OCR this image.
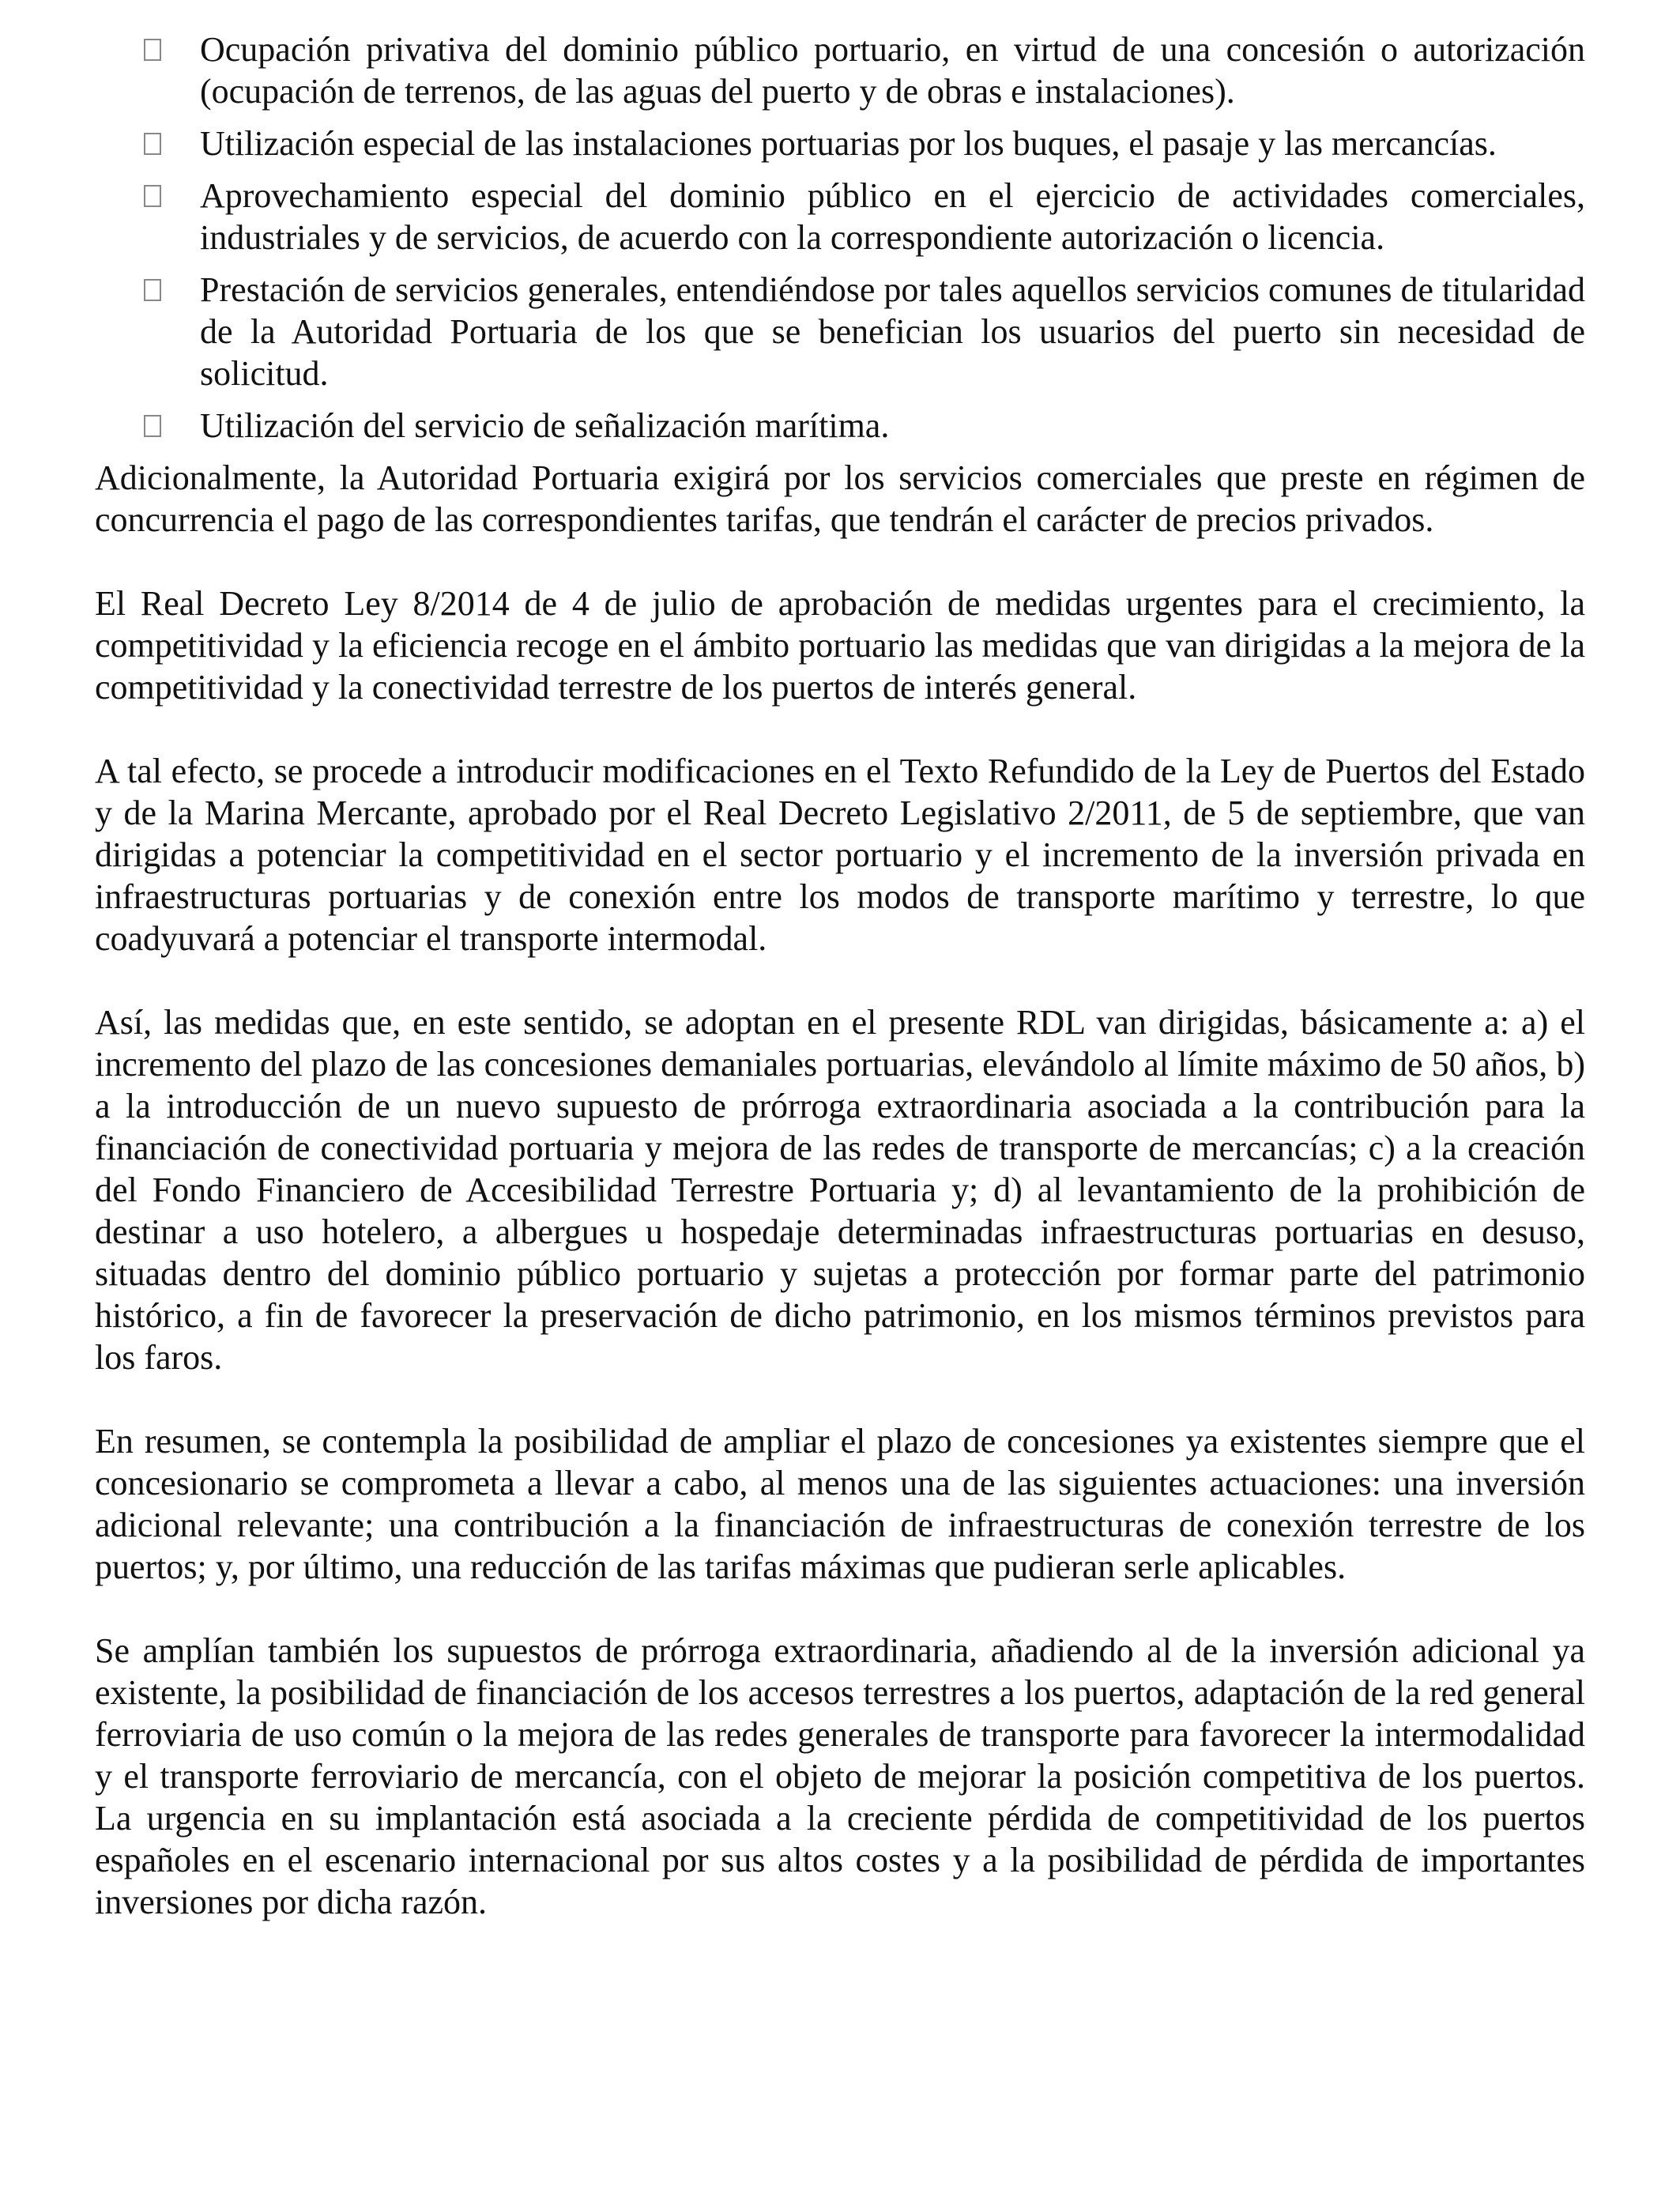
Ocupación privativa del dominio público portuario, en virtud de una concesión o autorización (ocupación de terrenos, de las aguas del puerto y de obras e instalaciones).
Utilización especial de las instalaciones portuarias por los buques, el pasaje y las mercancías.
Aprovechamiento especial del dominio público en el ejercicio de actividades comerciales, industriales y de servicios, de acuerdo con la correspondiente autorización o licencia.
Prestación de servicios generales, entendiéndose por tales aquellos servicios comunes de titularidad de la Autoridad Portuaria de los que se benefician los usuarios del puerto sin necesidad de solicitud.
Utilización del servicio de señalización marítima.

Adicionalmente, la Autoridad Portuaria exigirá por los servicios comerciales que preste en régimen de concurrencia el pago de las correspondientes tarifas, que tendrán el carácter de precios privados.

El Real Decreto Ley 8/2014 de 4 de julio de aprobación de medidas urgentes para el crecimiento, la competitividad y la eficiencia recoge en el ámbito portuario las medidas que van dirigidas a la mejora de la competitividad y la conectividad terrestre de los puertos de interés general.

A tal efecto, se procede a introducir modificaciones en el Texto Refundido de la Ley de Puertos del Estado y de la Marina Mercante, aprobado por el Real Decreto Legislativo 2/2011, de 5 de septiembre, que van dirigidas a potenciar la competitividad en el sector portuario y el incremento de la inversión privada en infraestructuras portuarias y de conexión entre los modos de transporte marítimo y terrestre, lo que coadyuvará a potenciar el transporte intermodal.

Así, las medidas que, en este sentido, se adoptan en el presente RDL van dirigidas, básicamente a: a) el incremento del plazo de las concesiones demaniales portuarias, elevándolo al límite máximo de 50 años, b) a la introducción de un nuevo supuesto de prórroga extraordinaria asociada a la contribución para la financiación de conectividad portuaria y mejora de las redes de transporte de mercancías; c) a la creación del Fondo Financiero de Accesibilidad Terrestre Portuaria y; d) al levantamiento de la prohibición de destinar a uso hotelero, a albergues u hospedaje determinadas infraestructuras portuarias en desuso, situadas dentro del dominio público portuario y sujetas a protección por formar parte del patrimonio histórico, a fin de favorecer la preservación de dicho patrimonio, en los mismos términos previstos para los faros.

En resumen, se contempla la posibilidad de ampliar el plazo de concesiones ya existentes siempre que el concesionario se comprometa a llevar a cabo, al menos una de las siguientes actuaciones: una inversión adicional relevante; una contribución a la financiación de infraestructuras de conexión terrestre de los puertos; y, por último, una reducción de las tarifas máximas que pudieran serle aplicables.

Se amplían también los supuestos de prórroga extraordinaria, añadiendo al de la inversión adicional ya existente, la posibilidad de financiación de los accesos terrestres a los puertos, adaptación de la red general ferroviaria de uso común o la mejora de las redes generales de transporte para favorecer la intermodalidad y el transporte ferroviario de mercancía, con el objeto de mejorar la posición competitiva de los puertos. La urgencia en su implantación está asociada a la creciente pérdida de competitividad de los puertos españoles en el escenario internacional por sus altos costes y a la posibilidad de pérdida de importantes inversiones por dicha razón.
